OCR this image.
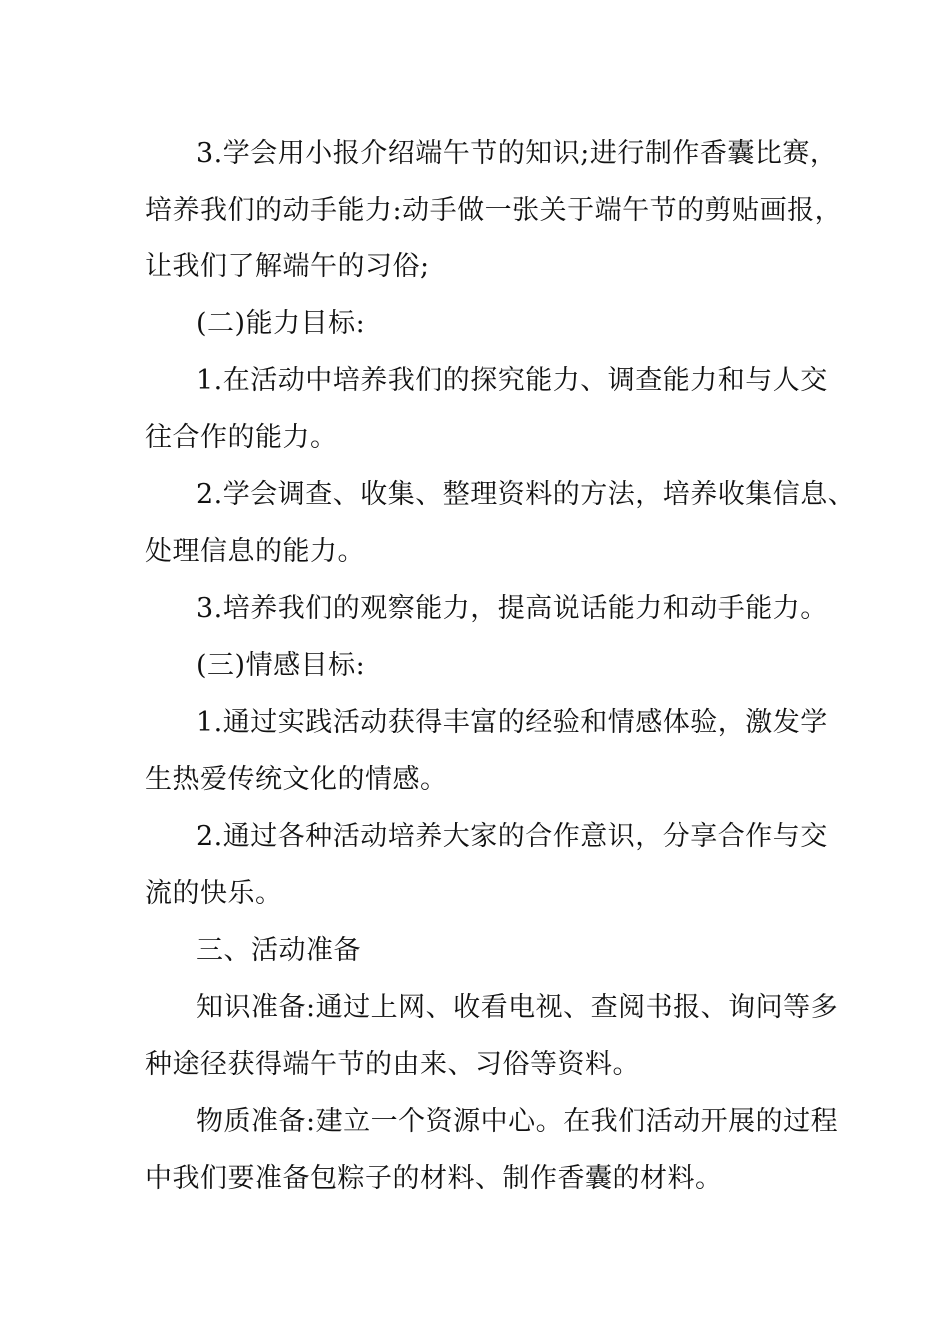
3.学会用小报介绍端午节的知识;进行制作香囊比赛，
培养我们的动手能力:动手做一张关于端午节的剪贴画报，
让我们了解端午的习俗;
(二)能力目标:
1.在活动中培养我们的探究能力、调查能力和与人交
往合作的能力。
2.学会调查、收集、整理资料的方法，培养收集信息、
处理信息的能力。
3.培养我们的观察能力，提高说话能力和动手能力。
(三)情感目标:
1.通过实践活动获得丰富的经验和情感体验，激发学
生热爱传统文化的情感。
2.通过各种活动培养大家的合作意识，分享合作与交
流的快乐。
三、活动准备
知识准备:通过上网、收看电视、查阅书报、询问等多
种途径获得端午节的由来、习俗等资料。
物质准备:建立一个资源中心。在我们活动开展的过程
中我们要准备包粽子的材料、制作香囊的材料。
